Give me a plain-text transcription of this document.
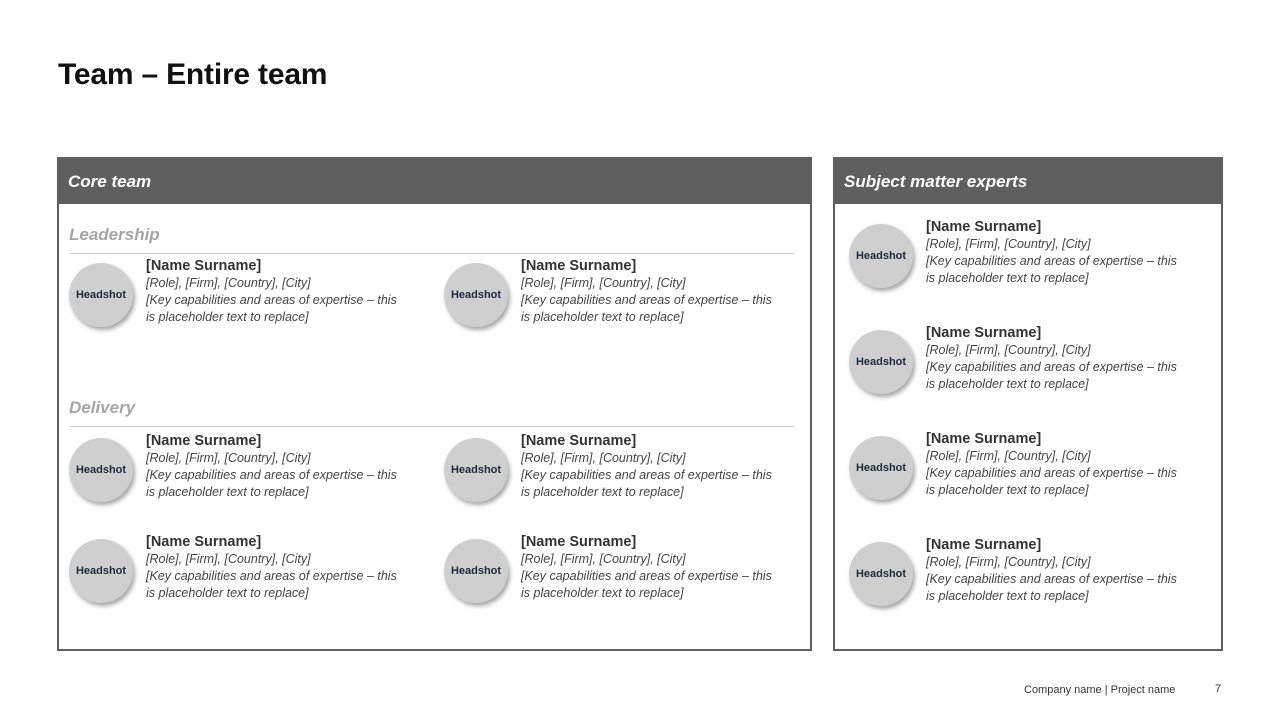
Team – Entire team
Core team
Leadership
Headshot
[Name Surname]
[Role], [Firm], [Country], [City]
[Key capabilities and areas of expertise – this
is placeholder text to replace]
Headshot
[Name Surname]
[Role], [Firm], [Country], [City]
[Key capabilities and areas of expertise – this
is placeholder text to replace]
Delivery
Headshot
[Name Surname]
[Role], [Firm], [Country], [City]
[Key capabilities and areas of expertise – this
is placeholder text to replace]
Headshot
[Name Surname]
[Role], [Firm], [Country], [City]
[Key capabilities and areas of expertise – this
is placeholder text to replace]
Headshot
[Name Surname]
[Role], [Firm], [Country], [City]
[Key capabilities and areas of expertise – this
is placeholder text to replace]
Headshot
[Name Surname]
[Role], [Firm], [Country], [City]
[Key capabilities and areas of expertise – this
is placeholder text to replace]
Subject matter experts
Headshot
[Name Surname]
[Role], [Firm], [Country], [City]
[Key capabilities and areas of expertise – this
is placeholder text to replace]
Headshot
[Name Surname]
[Role], [Firm], [Country], [City]
[Key capabilities and areas of expertise – this
is placeholder text to replace]
Headshot
[Name Surname]
[Role], [Firm], [Country], [City]
[Key capabilities and areas of expertise – this
is placeholder text to replace]
Headshot
[Name Surname]
[Role], [Firm], [Country], [City]
[Key capabilities and areas of expertise – this
is placeholder text to replace]
Company name | Project name	7
